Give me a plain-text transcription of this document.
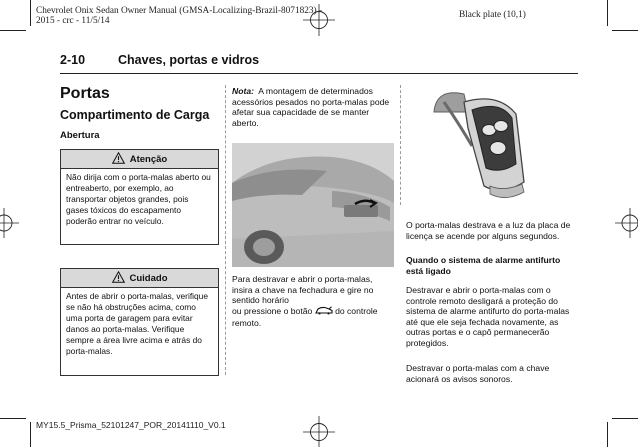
Chevrolet Onix Sedan Owner Manual (GMSA-Localizing-Brazil-8071823) -
2015 - crc - 11/5/14
Black plate (10,1)
2-10	Chaves, portas e vidros
Portas
Compartimento de Carga
Abertura
Atenção
Não dirija com o porta-malas aberto ou entreaberto, por exemplo, ao transportar objetos grandes, pois gases tóxicos do escapamento poderão entrar no veículo.
Cuidado
Antes de abrir o porta-malas, verifique se não há obstruções acima, como uma porta de garagem para evitar danos ao porta-malas. Verifique sempre a área livre acima e atrás do porta-malas.
Nota: A montagem de determinados acessórios pesados no porta-malas pode afetar sua capacidade de se manter aberto.
Para destravar e abrir o porta-malas, insira a chave na fechadura e gire no sentido horário
ou pressione o botão	do controle remoto.
O porta-malas destrava e a luz da placa de licença se acende por alguns segundos.
Quando o sistema de alarme antifurto está ligado
Destravar e abrir o porta-malas com o controle remoto desligará a proteção do sistema de alarme antifurto do porta-malas até que ele seja fechada novamente, as outras portas e o capô permanecerão protegidos.
Destravar o porta-malas com a chave acionará os avisos sonoros.
MY15.5_Prisma_52101247_POR_20141110_V0.1
